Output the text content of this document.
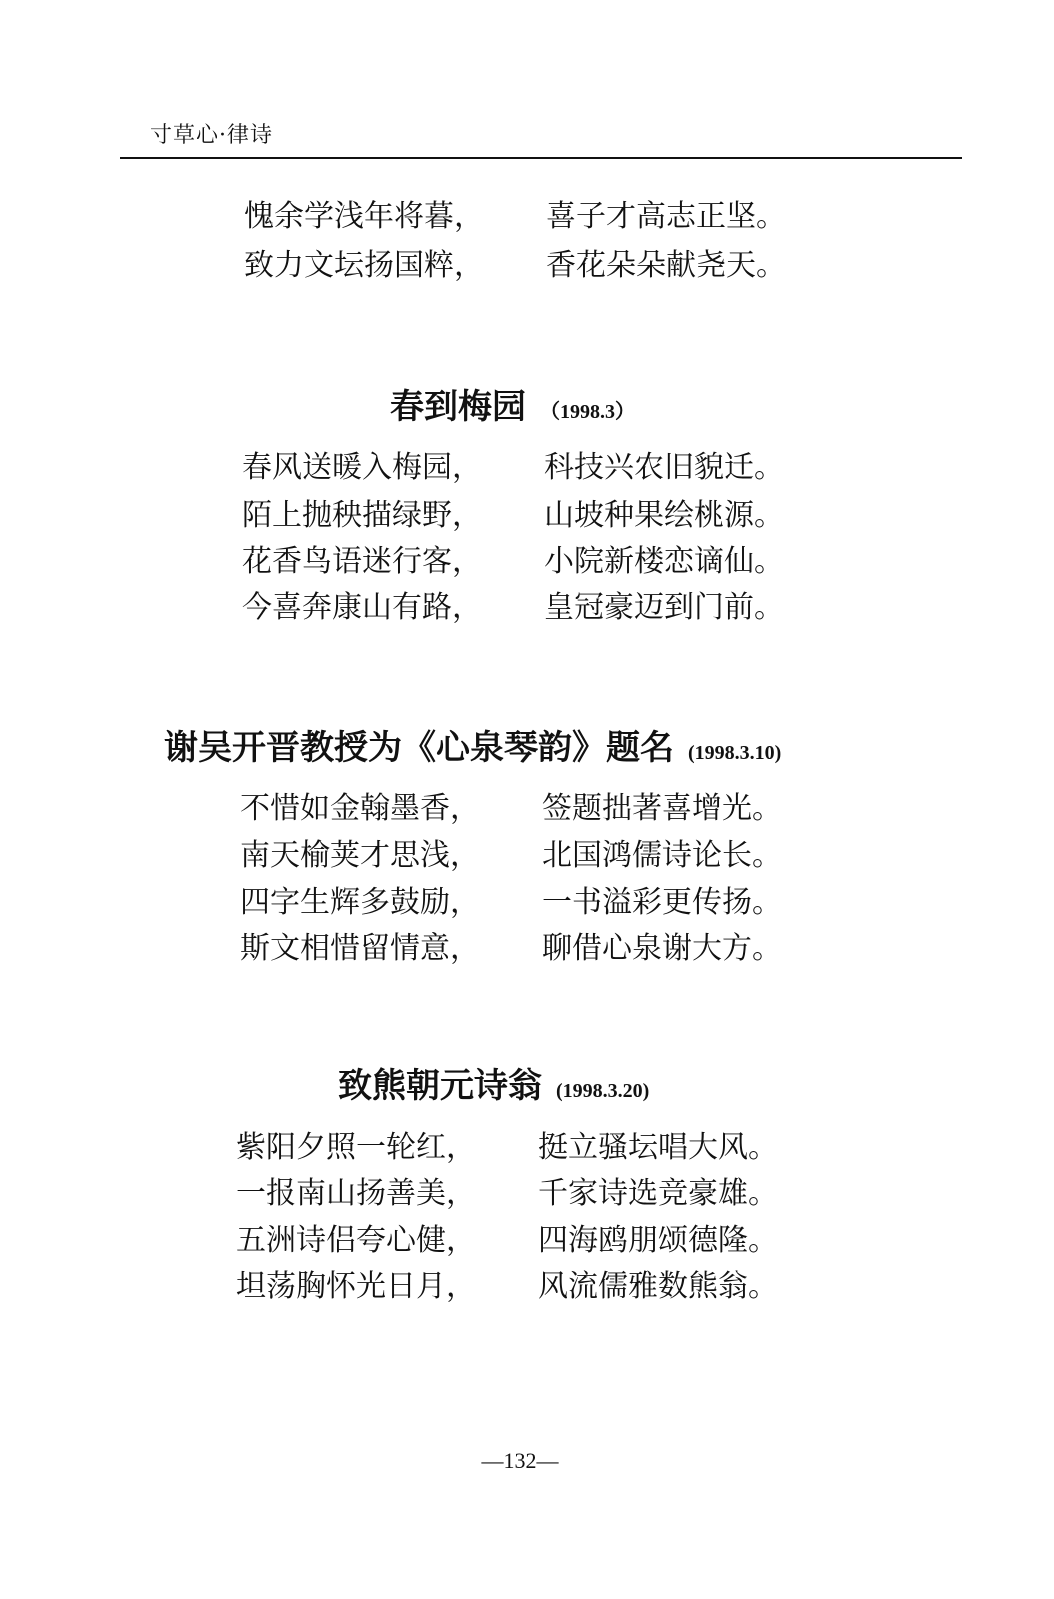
寸草心·律诗
愧余学浅年将暮， 喜子才高志正坚。
致力文坛扬国粹， 香花朵朵献尧天。
春到梅园 （1998.3）
春风送暖入梅园， 科技兴农旧貌迁。
陌上抛秧描绿野， 山坡种果绘桃源。
花香鸟语迷行客， 小院新楼恋谪仙。
今喜奔康山有路， 皇冠豪迈到门前。
谢吴开晋教授为《心泉琴韵》题名 (1998.3.10)
不惜如金翰墨香， 签题拙著喜增光。
南天榆荚才思浅， 北国鸿儒诗论长。
四字生辉多鼓励， 一书溢彩更传扬。
斯文相惜留情意， 聊借心泉谢大方。
致熊朝元诗翁 (1998.3.20)
紫阳夕照一轮红， 挺立骚坛唱大风。
一报南山扬善美， 千家诗选竞豪雄。
五洲诗侣夸心健， 四海鸥朋颂德隆。
坦荡胸怀光日月， 风流儒雅数熊翁。
—132—
